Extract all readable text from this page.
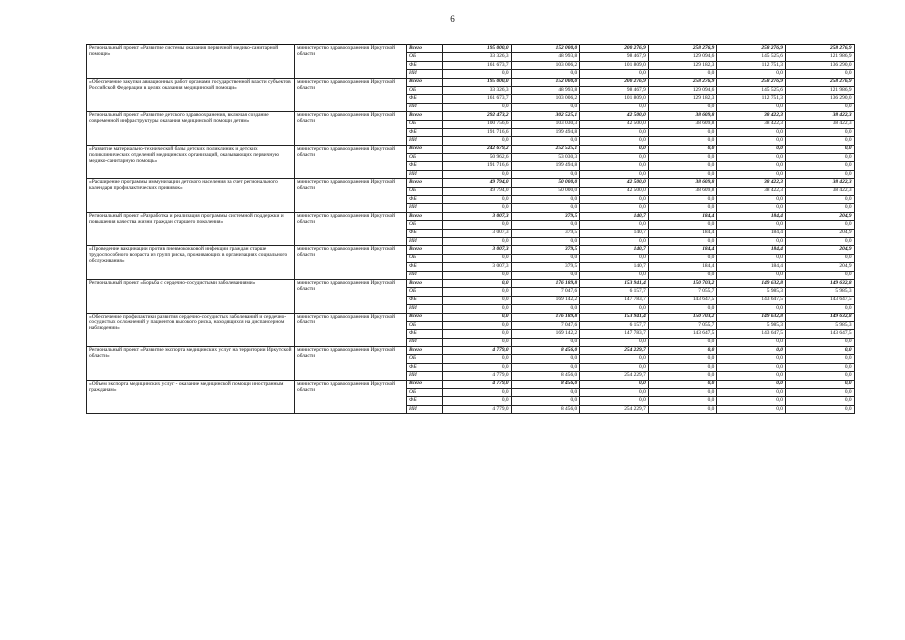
6
Региональный проект «Развитие системы оказания первичной медико-санитарной помощи»	министерство здравоохранения Иркутской области	Всего	195 000,0	152 000,0	200 276,9	258 276,9	258 276,9	258 276,9
		ОБ	33 326,3	48 993,8	98 467,9	129 094,6	145 525,6	121 986,9
		ФБ	161 673,7	103 006,2	101 809,0	129 182,3	112 751,3	136 290,0
		ИИ	0,0	0,0	0,0	0,0	0,0	0,0
«Обеспечение закупки авиационных работ органами государственной власти субъектов Российской Федерации в целях оказания медицинской помощи»	министерство здравоохранения Иркутской области	Всего	195 000,0	152 000,0	200 276,9	258 276,9	258 276,9	258 276,9
		ОБ	33 326,3	48 993,8	98 467,9	129 094,6	145 525,6	121 986,9
		ФБ	161 673,7	103 006,2	101 809,0	129 182,3	112 751,3	136 290,0
		ИИ	0,0	0,0	0,0	0,0	0,0	0,0
Региональный проект «Развитие детского здравоохранения, включая создание современной инфраструктуры оказания медицинской помощи детям»	министерство здравоохранения Иркутской области	Всего	292 473,2	302 525,1	42 500,0	38 609,8	38 422,3	38 422,3
		ОБ	100 756,6	103 030,3	42 500,0	38 609,8	38 422,3	38 422,3
		ФБ	191 716,6	199 494,8	0,0	0,0	0,0	0,0
		ИИ	0,0	0,0	0,0	0,0	0,0	0,0
«Развитие материально-технической базы детских поликлиник и детских поликлинических отделений медицинских организаций, оказывающих первичную медико-санитарную помощь»	министерство здравоохранения Иркутской области	Всего	242 679,2	252 525,1	0,0	0,0	0,0	0,0
		ОБ	50 962,6	53 030,3	0,0	0,0	0,0	0,0
		ФБ	191 716,6	199 494,8	0,0	0,0	0,0	0,0
		ИИ	0,0	0,0	0,0	0,0	0,0	0,0
«Расширение программы иммунизации детского населения за счет регионального календаря профилактических прививок»	министерство здравоохранения Иркутской области	Всего	49 794,0	50 000,0	42 500,0	38 609,8	38 422,3	38 422,3
		ОБ	49 794,0	50 000,0	42 500,0	38 609,8	38 422,3	38 422,3
		ФБ	0,0	0,0	0,0	0,0	0,0	0,0
		ИИ	0,0	0,0	0,0	0,0	0,0	0,0
Региональный проект «Разработка и реализация программы системной поддержки и повышения качества жизни граждан старшего поколения»	министерство здравоохранения Иркутской области	Всего	3 007,3	379,5	140,7	184,4	184,4	204,9
		ОБ	0,0	0,0	0,0	0,0	0,0	0,0
		ФБ	3 007,3	379,5	140,7	184,4	184,4	204,9
		ИИ	0,0	0,0	0,0	0,0	0,0	0,0
«Проведение вакцинации против пневмококковой инфекции граждан старше трудоспособного возраста из групп риска, проживающих в организациях социального обслуживания»	министерство здравоохранения Иркутской области	Всего	3 007,3	379,5	140,7	184,4	184,4	204,9
		ОБ	0,0	0,0	0,0	0,0	0,0	0,0
		ФБ	3 007,3	379,5	140,7	184,4	184,4	204,9
		ИИ	0,0	0,0	0,0	0,0	0,0	0,0
Региональный проект «Борьба с сердечно-сосудистыми заболеваниями»	министерство здравоохранения Иркутской области	Всего	0,0	176 189,8	153 941,4	150 703,2	149 632,8	149 632,8
		ОБ	0,0	7 047,6	6 157,7	7 055,7	5 985,3	5 985,3
		ФБ	0,0	169 142,2	147 783,7	143 647,5	143 647,5	143 647,5
		ИИ	0,0	0,0	0,0	0,0	0,0	0,0
«Обеспечение профилактики развития сердечно-сосудистых заболеваний и сердечно-сосудистых осложнений у пациентов высокого риска, находящихся на диспансерном наблюдении»	министерство здравоохранения Иркутской области	Всего	0,0	176 189,8	153 941,4	150 703,2	149 632,8	149 632,8
		ОБ	0,0	7 047,6	6 157,7	7 055,7	5 985,3	5 985,3
		ФБ	0,0	169 142,2	147 783,7	143 647,5	143 647,5	143 647,5
		ИИ	0,0	0,0	0,0	0,0	0,0	0,0
Региональный проект «Развитие экспорта медицинских услуг на территории Иркутской области»	министерство здравоохранения Иркутской области	Всего	4 779,0	8 456,0	254 229,7	0,0	0,0	0,0
		ОБ	0,0	0,0	0,0	0,0	0,0	0,0
		ФБ	0,0	0,0	0,0	0,0	0,0	0,0
		ИИ	4 779,0	8 456,0	254 229,7	0,0	0,0	0,0
«Объем экспорта медицинских услуг - оказание медицинской помощи иностранным гражданам»	министерство здравоохранения Иркутской области	Всего	4 779,0	8 456,0	0,0	0,0	0,0	0,0
		ОБ	0,0	0,0	0,0	0,0	0,0	0,0
		ФБ	0,0	0,0	0,0	0,0	0,0	0,0
		ИИ	4 779,0	8 456,0	254 229,7	0,0	0,0	0,0
